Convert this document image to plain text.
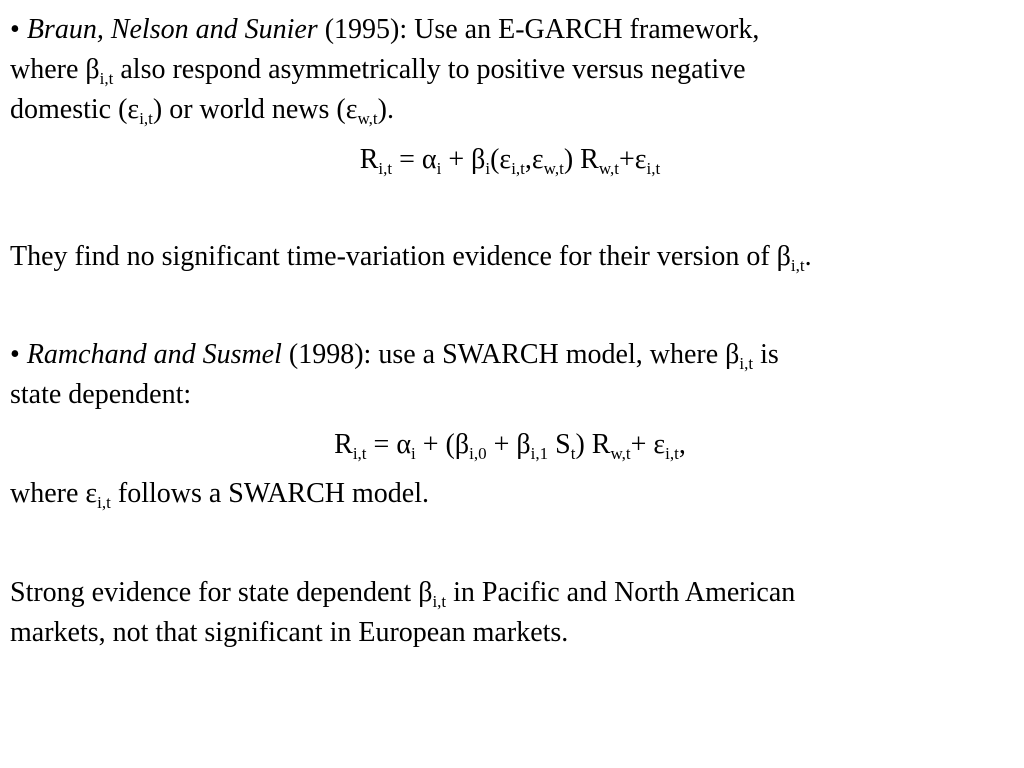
• Braun, Nelson and Sunier (1995): Use an E-GARCH framework,
where $\beta_{i,t}$ also respond asymmetrically to positive versus negative
domestic $(\varepsilon_{i,t})$ or world news $(\varepsilon_{w,t})$.
$R_{i,t} = \alpha_i + \beta_i(\varepsilon_{i,t},\varepsilon_{w,t})$ $R_{w,t}+\varepsilon_{i,t}$
They find no significant time-variation evidence for their version of $\beta_{i,t}$.
• Ramchand and Susmel (1998): use a SWARCH model, where $\beta_{i,t}$ is
state dependent:
$R_{i,t} = \alpha_i + (\beta_{i,0} + \beta_{i,1}$ $S_t$) $R_{w,t}+ \varepsilon_{i,t}$,
where $\varepsilon_{i,t}$ follows a SWARCH model.
Strong evidence for state dependent $\beta_{i,t}$ in Pacific and North American
markets, not that significant in European markets.
